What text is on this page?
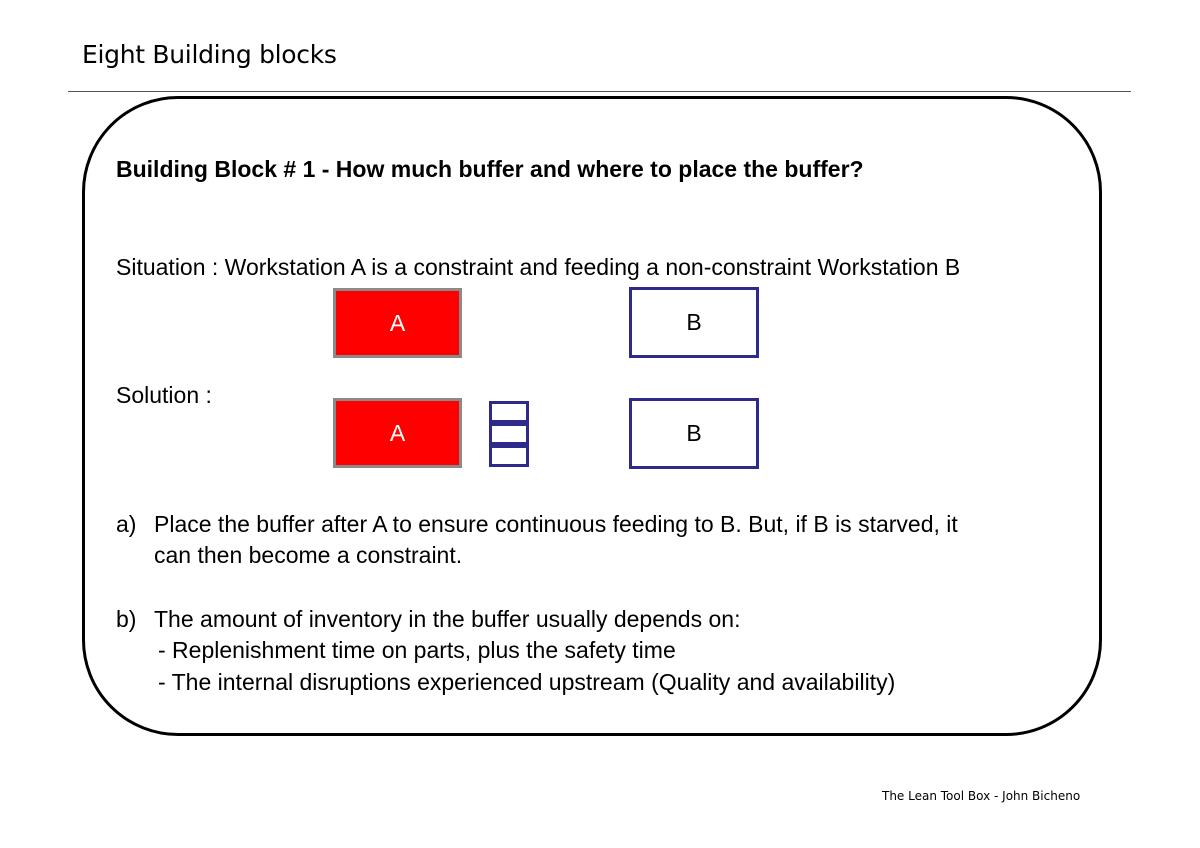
Eight Building blocks
Building Block # 1 - How much buffer and where to place the buffer?
Situation : Workstation A is a constraint and feeding a non-constraint Workstation B
A	B
Solution :
A	B
a) Place the buffer after A to ensure continuous feeding to B. But, if B is starved, it
can then become a constraint.
b) The amount of inventory in the buffer usually depends on:
- Replenishment time on parts, plus the safety time
- The internal disruptions experienced upstream (Quality and availability)
The Lean Tool Box - John Bicheno
